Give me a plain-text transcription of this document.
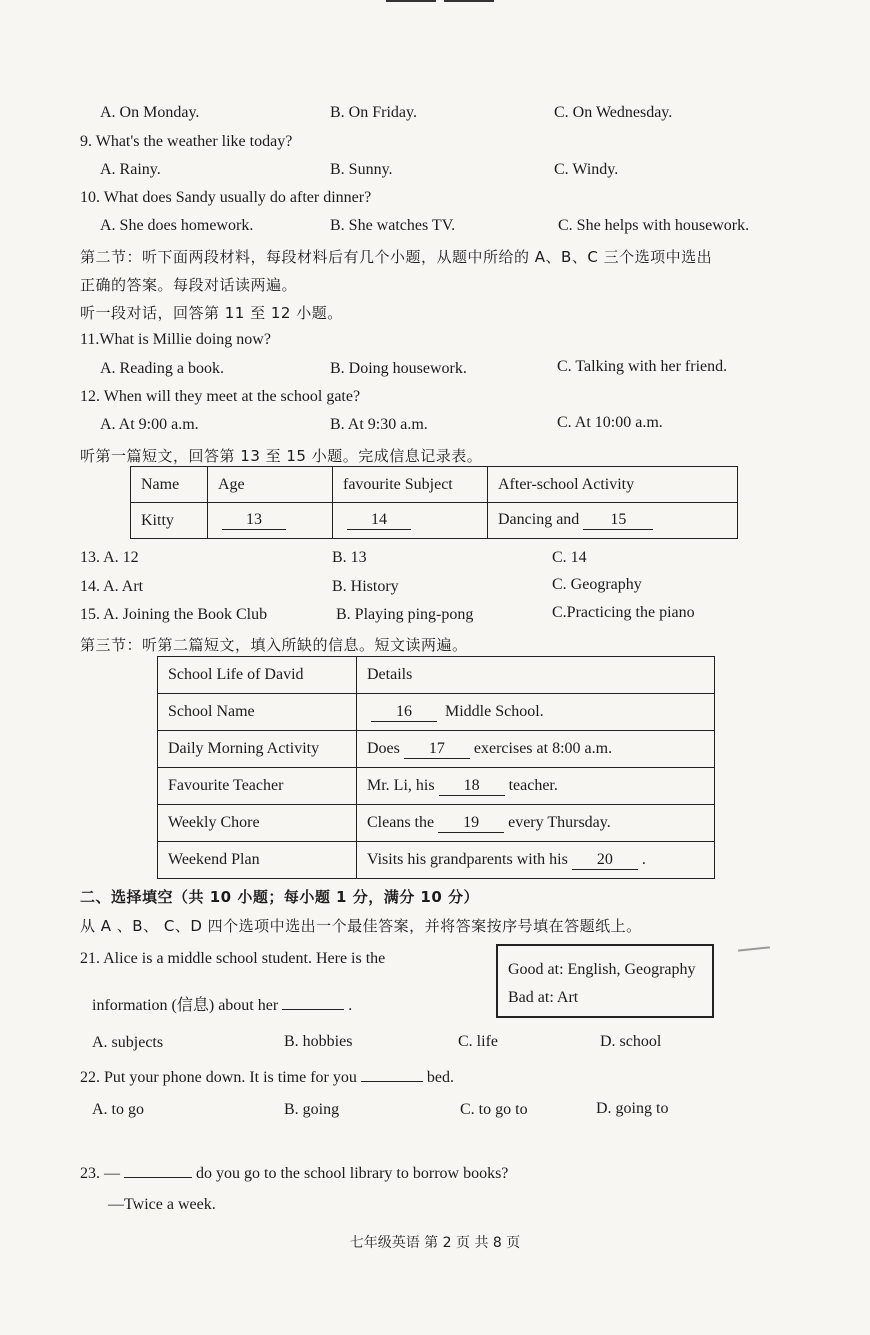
A. On Monday.	B. On Friday.	C. On Wednesday.
9. What's the weather like today?
A. Rainy.	B. Sunny.	C. Windy.
10. What does Sandy usually do after dinner?
A. She does homework.	B. She watches TV.	C. She helps with housework.
第二节：听下面两段材料，每段材料后有几个小题，从题中所给的 A、B、C 三个选项中选出
正确的答案。每段对话读两遍。
听一段对话，回答第 11 至 12 小题。
11.What is Millie doing now?
A. Reading a book.	B. Doing housework.	C. Talking with her friend.
12. When will they meet at the school gate?
A. At 9:00 a.m.	B. At 9:30 a.m.	C. At 10:00 a.m.
听第一篇短文，回答第 13 至 15 小题。完成信息记录表。
Name	Age	favourite Subject	After-school Activity
Kitty	13	14	Dancing and 15
13. A. 12	B. 13	C. 14
14. A. Art	B. History	C. Geography
15. A. Joining the Book Club	B. Playing ping-pong	C.Practicing the piano
第三节：听第二篇短文，填入所缺的信息。短文读两遍。
School Life of David	Details
School Name	16 Middle School.
Daily Morning Activity	Does 17 exercises at 8:00 a.m.
Favourite Teacher	Mr. Li, his 18 teacher.
Weekly Chore	Cleans the 19 every Thursday.
Weekend Plan	Visits his grandparents with his 20 .
二、选择填空（共 10 小题；每小题 1 分，满分 10 分）
从 A 、B、 C、D 四个选项中选出一个最佳答案，并将答案按序号填在答题纸上。
21. Alice is a middle school student. Here is the
information (信息) about her	.
Good at: English, Geography
Bad at: Art
A. subjects	B. hobbies	C. life	D. school
22. Put your phone down. It is time for you	bed.
A. to go	B. going	C. to go to	D. going to
23. —	do you go to the school library to borrow books?
—Twice a week.
七年级英语 第 2 页 共 8 页
